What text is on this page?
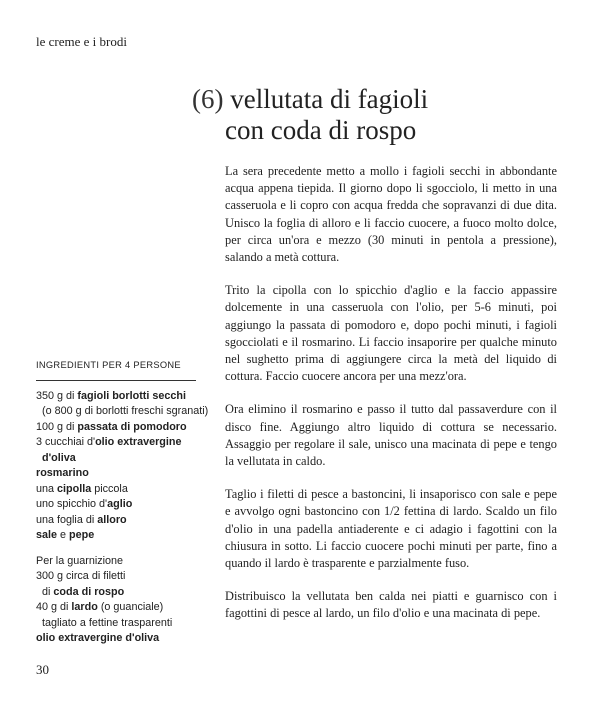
le creme e i brodi
(6) vellutata di fagioli
con coda di rospo

La sera precedente metto a mollo i fagioli secchi in abbondante acqua appena tiepida. Il giorno dopo li sgocciolo, li metto in una casseruola e li copro con acqua fredda che sopravanzi di due dita. Unisco la foglia di alloro e li faccio cuocere, a fuoco molto dolce, per circa un'ora e mezzo (30 minuti in pentola a pressione), salando a metà cottura.

Trito la cipolla con lo spicchio d'aglio e la faccio appassire dolcemente in una casseruola con l'olio, per 5-6 minuti, poi aggiungo la passata di pomodoro e, dopo pochi minuti, i fagioli sgocciolati e il rosmarino. Li faccio insaporire per qualche minuto nel sughetto prima di aggiungere circa la metà del liquido di cottura. Faccio cuocere ancora per una mezz'ora.

Ora elimino il rosmarino e passo il tutto dal passaverdure con il disco fine. Aggiungo altro liquido di cottura se necessario. Assaggio per regolare il sale, unisco una macinata di pepe e tengo la vellutata in caldo.

Taglio i filetti di pesce a bastoncini, li insaporisco con sale e pepe e avvolgo ogni bastoncino con 1/2 fettina di lardo. Scaldo un filo d'olio in una padella antiaderente e ci adagio i fagottini con la chiusura in sotto. Li faccio cuocere pochi minuti per parte, fino a quando il lardo è trasparente e parzialmente fuso.

Distribuisco la vellutata ben calda nei piatti e guarnisco con i fagottini di pesce al lardo, un filo d'olio e una macinata di pepe.

INGREDIENTI PER 4 PERSONE
350 g di fagioli borlotti secchi
(o 800 g di borlotti freschi sgranati)
100 g di passata di pomodoro
3 cucchiai d'olio extravergine
d'oliva
rosmarino
una cipolla piccola
uno spicchio d'aglio
una foglia di alloro
sale e pepe
Per la guarnizione
300 g circa di filetti
di coda di rospo
40 g di lardo (o guanciale)
tagliato a fettine trasparenti
olio extravergine d'oliva
30
